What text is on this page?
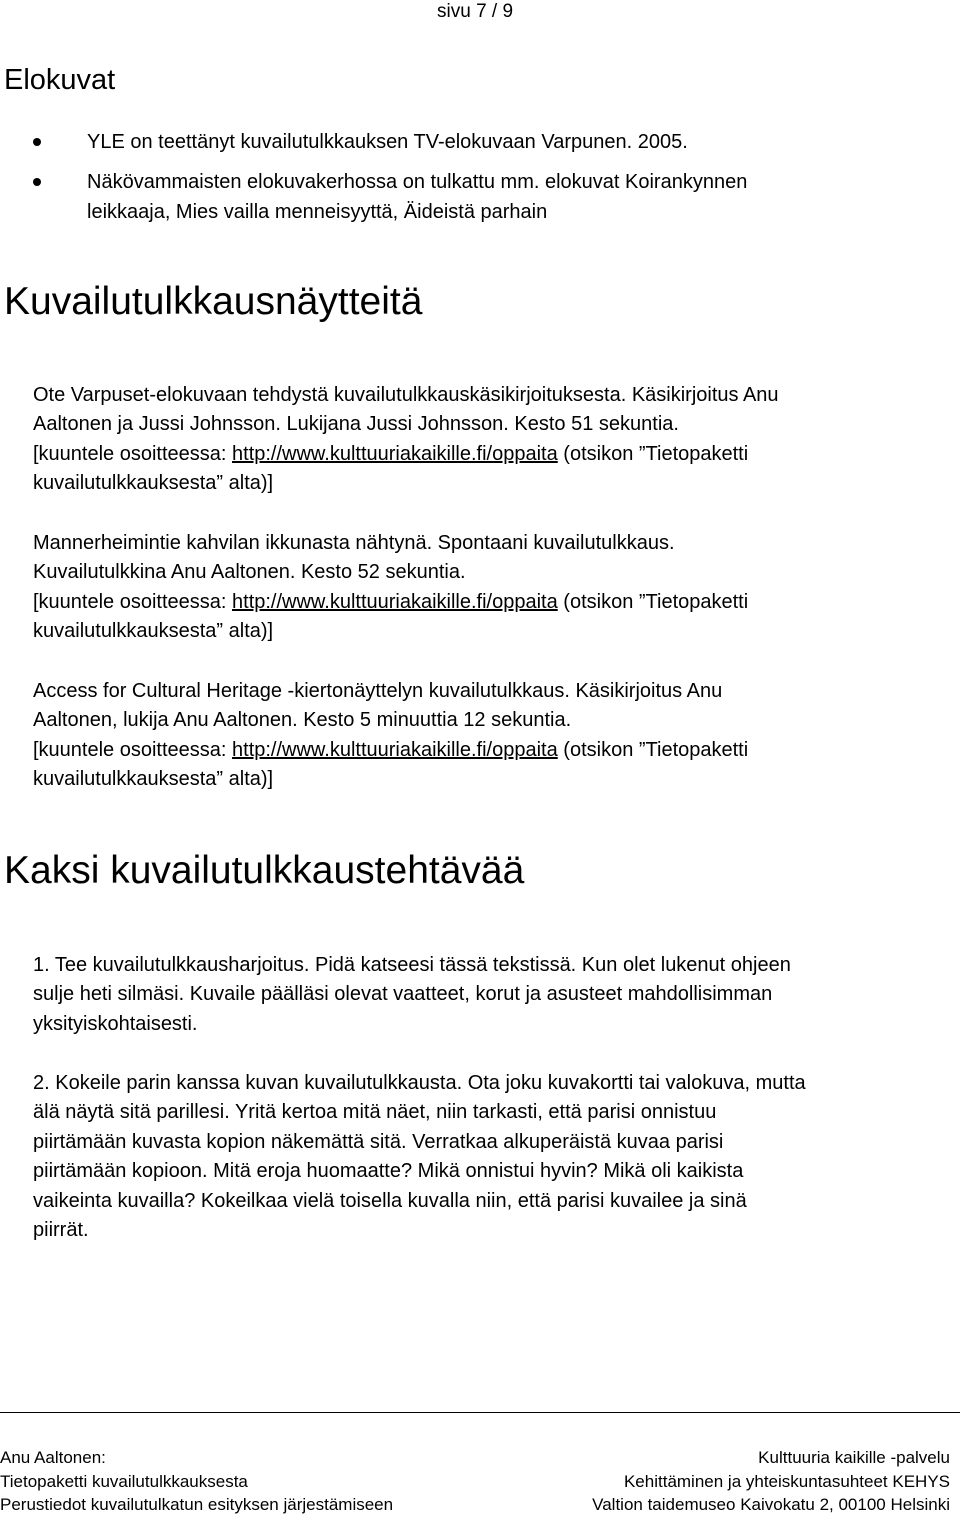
sivu 7 / 9
Elokuvat
YLE on teettänyt kuvailutulkkauksen TV-elokuvaan Varpunen. 2005.
Näkövammaisten elokuvakerhossa on tulkattu mm. elokuvat Koirankynnen
leikkaaja, Mies vailla menneisyyttä, Äideistä parhain
Kuvailutulkkausnäytteitä
Ote Varpuset-elokuvaan tehdystä kuvailutulkkauskäsikirjoituksesta. Käsikirjoitus Anu
Aaltonen ja Jussi Johnsson. Lukijana Jussi Johnsson. Kesto 51 sekuntia.
[kuuntele osoitteessa: http://www.kulttuuriakaikille.fi/oppaita (otsikon ”Tietopaketti
kuvailutulkkauksesta” alta)]
Mannerheimintie kahvilan ikkunasta nähtynä. Spontaani kuvailutulkkaus.
Kuvailutulkkina Anu Aaltonen. Kesto 52 sekuntia.
[kuuntele osoitteessa: http://www.kulttuuriakaikille.fi/oppaita (otsikon ”Tietopaketti
kuvailutulkkauksesta” alta)]
Access for Cultural Heritage -kiertonäyttelyn kuvailutulkkaus. Käsikirjoitus Anu
Aaltonen, lukija Anu Aaltonen. Kesto 5 minuuttia 12 sekuntia.
[kuuntele osoitteessa: http://www.kulttuuriakaikille.fi/oppaita (otsikon ”Tietopaketti
kuvailutulkkauksesta” alta)]
Kaksi kuvailutulkkaustehtävää
1. Tee kuvailutulkkausharjoitus. Pidä katseesi tässä tekstissä. Kun olet lukenut ohjeen
sulje heti silmäsi. Kuvaile päälläsi olevat vaatteet, korut ja asusteet mahdollisimman
yksityiskohtaisesti.
2. Kokeile parin kanssa kuvan kuvailutulkkausta. Ota joku kuvakortti tai valokuva, mutta
älä näytä sitä parillesi. Yritä kertoa mitä näet, niin tarkasti, että parisi onnistuu
piirtämään kuvasta kopion näkemättä sitä. Verratkaa alkuperäistä kuvaa parisi
piirtämään kopioon. Mitä eroja huomaatte? Mikä onnistui hyvin? Mikä oli kaikista
vaikeinta kuvailla? Kokeilkaa vielä toisella kuvalla niin, että parisi kuvailee ja sinä
piirrät.
Anu Aaltonen:
Tietopaketti kuvailutulkkauksesta
Perustiedot kuvailutulkatun esityksen järjestämiseen
Kulttuuria kaikille -palvelu
Kehittäminen ja yhteiskuntasuhteet KEHYS
Valtion taidemuseo Kaivokatu 2, 00100 Helsinki
